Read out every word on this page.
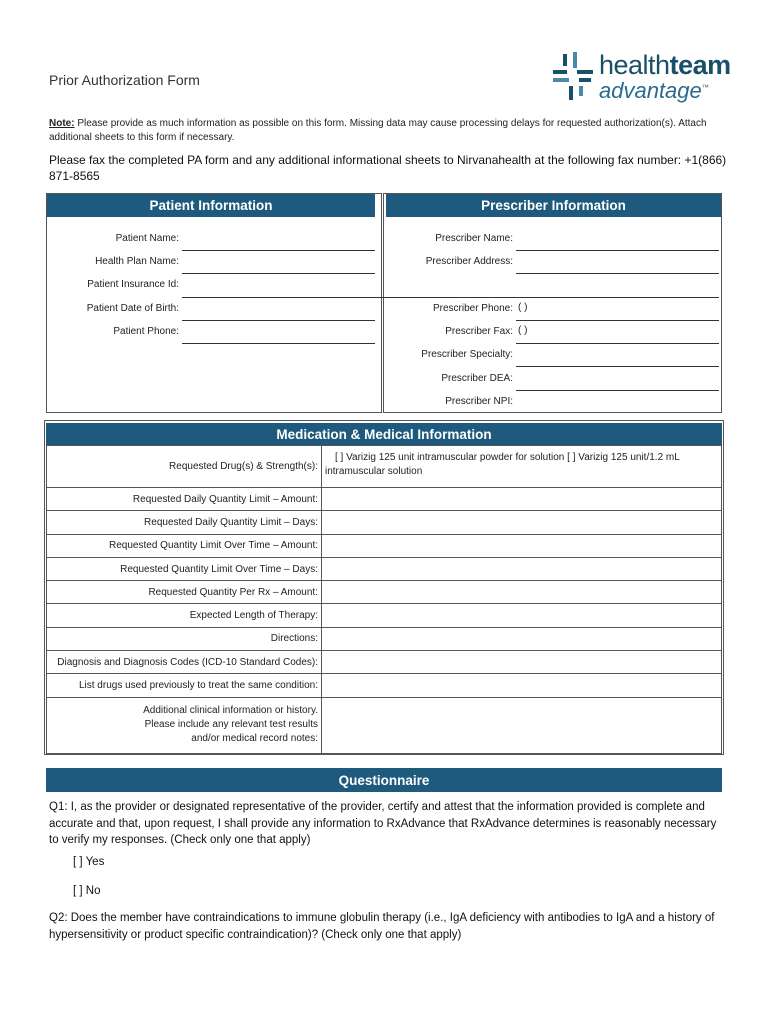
Prior Authorization Form	healthteam
advantage™
Note: Please provide as much information as possible on this form. Missing data may cause processing delays for requested authorization(s). Attach additional sheets to this form if necessary.
Please fax the completed PA form and any additional informational sheets to Nirvanahealth at the following fax number: +1(866) 871-8565
Patient Information	Prescriber Information
Patient Name:
Health Plan Name:
Patient Insurance Id:
Patient Date of Birth:
Patient Phone:
Prescriber Name:
Prescriber Address:
Prescriber Phone: ( )
Prescriber Fax: ( )
Prescriber Specialty:
Prescriber DEA:
Prescriber NPI:
Medication & Medical Information
Requested Drug(s) & Strength(s):	[ ] Varizig 125 unit intramuscular powder for solution [ ] Varizig 125 unit/1.2 mL
intramuscular solution

Requested Daily Quantity Limit – Amount:	
Requested Daily Quantity Limit – Days:	
Requested Quantity Limit Over Time – Amount:	
Requested Quantity Limit Over Time – Days:	
Requested Quantity Per Rx – Amount:	
Expected Length of Therapy:	
Directions:	
Diagnosis and Diagnosis Codes (ICD-10 Standard Codes):	
List drugs used previously to treat the same condition:	

Additional clinical information or history.
Please include any relevant test results
and/or medical record notes:	

Questionnaire
Q1: I, as the provider or designated representative of the provider, certify and attest that the information provided is complete and accurate and that, upon request, I shall provide any information to RxAdvance that RxAdvance determines is reasonably necessary to verify my responses. (Check only one that apply)
[ ] Yes
[ ] No
Q2: Does the member have contraindications to immune globulin therapy (i.e., IgA deficiency with antibodies to IgA and a history of hypersensitivity or product specific contraindication)? (Check only one that apply)
